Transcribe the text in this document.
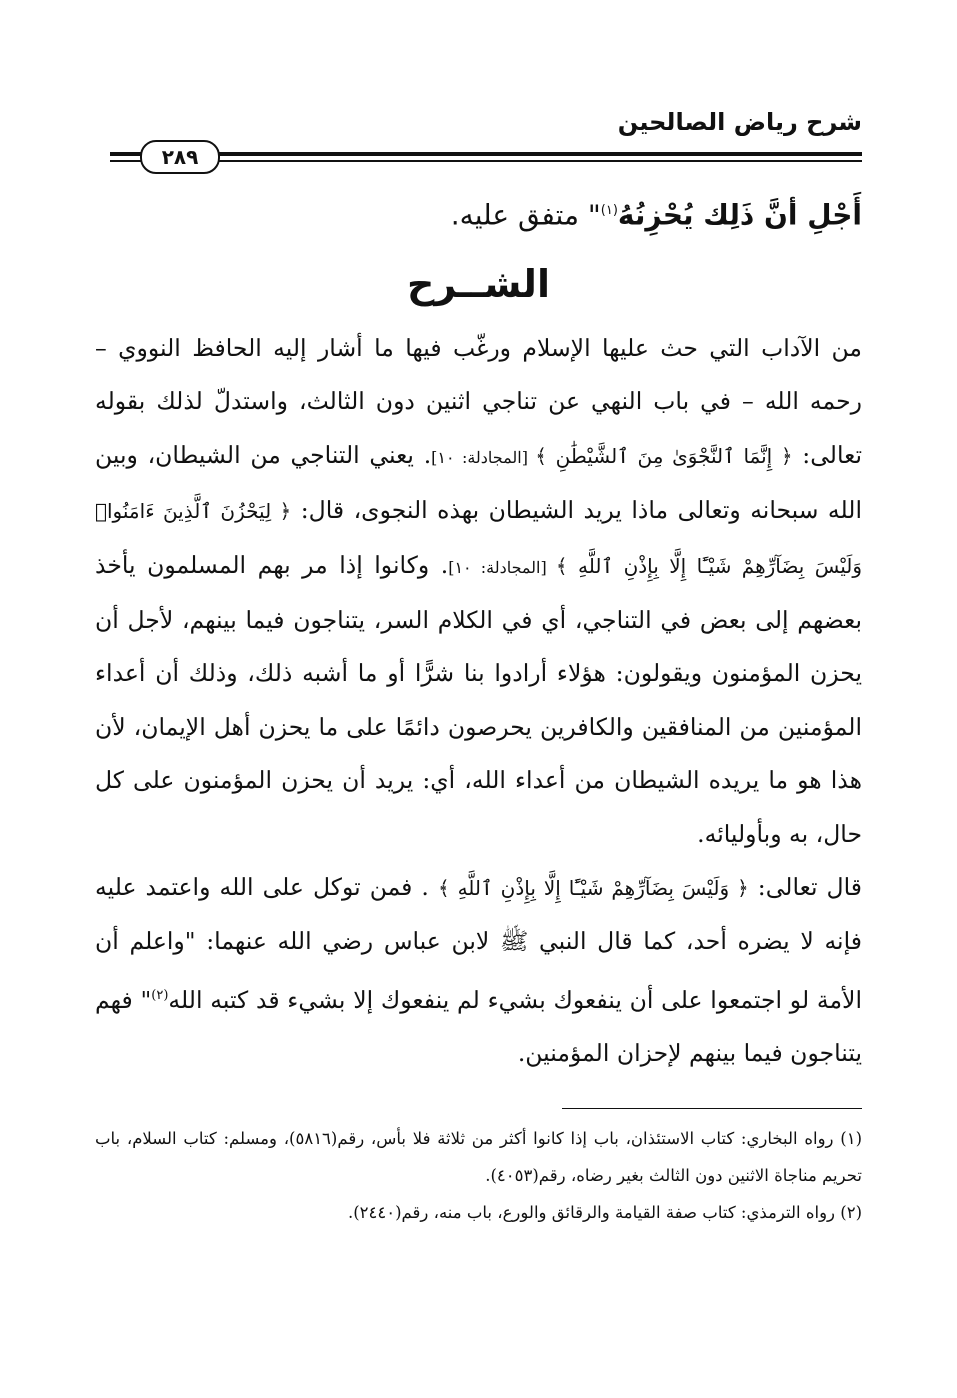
شرح رياض الصالحين
٢٨٩
أَجْلِ أنَّ ذَلِك يُحْزِنُهُ$^{(١)}$" متفق عليه.
الشــرح

من الآداب التي حث عليها الإسلام ورغّب فيها ما أشار إليه الحافظ النووي – رحمه الله – في باب النهي عن تناجي اثنين دون الثالث، واستدلّ لذلك بقوله تعالى: ﴿ إِنَّمَا ٱلنَّجْوَىٰ مِنَ ٱلشَّيْطَٰنِ ﴾ [المجادلة: ١٠]. يعني التناجي من الشيطان، وبين الله سبحانه وتعالى ماذا يريد الشيطان بهذه النجوى، قال: ﴿ لِيَحْزُنَ ٱلَّذِينَ ءَامَنُوا۟ وَلَيْسَ بِضَآرِّهِمْ شَيْـًٔا إِلَّا بِإِذْنِ ٱللَّهِ ﴾ [المجادلة: ١٠]. وكانوا إذا مر بهم المسلمون يأخذ بعضهم إلى بعض في التناجي، أي في الكلام السر، يتناجون فيما بينهم، لأجل أن يحزن المؤمنون ويقولون: هؤلاء أرادوا بنا شرًّا أو ما أشبه ذلك، وذلك أن أعداء المؤمنين من المنافقين والكافرين يحرصون دائمًا على ما يحزن أهل الإيمان، لأن هذا هو ما يريده الشيطان من أعداء الله، أي: يريد أن يحزن المؤمنون على كل حال، به وبأوليائه.

قال تعالى: ﴿ وَلَيْسَ بِضَآرِّهِمْ شَيْـًٔا إِلَّا بِإِذْنِ ٱللَّهِ ﴾ . فمن توكل على الله واعتمد عليه فإنه لا يضره أحد، كما قال النبي ﷺ لابن عباس رضي الله عنهما: "واعلم أن الأمة لو اجتمعوا على أن ينفعوك بشيء لم ينفعوك إلا بشيء قد كتبه الله$^{(٢)}$" فهم يتناجون فيما بينهم لإحزان المؤمنين.

(١) رواه البخاري: كتاب الاستئذان، باب إذا كانوا أكثر من ثلاثة فلا بأس، رقم(٥٨١٦)، ومسلم: كتاب السلام، باب تحريم مناجاة الاثنين دون الثالث بغير رضاه، رقم(٤٠٥٣).

(٢) رواه الترمذي: كتاب صفة القيامة والرقائق والورع، باب منه، رقم(٢٤٤٠).
